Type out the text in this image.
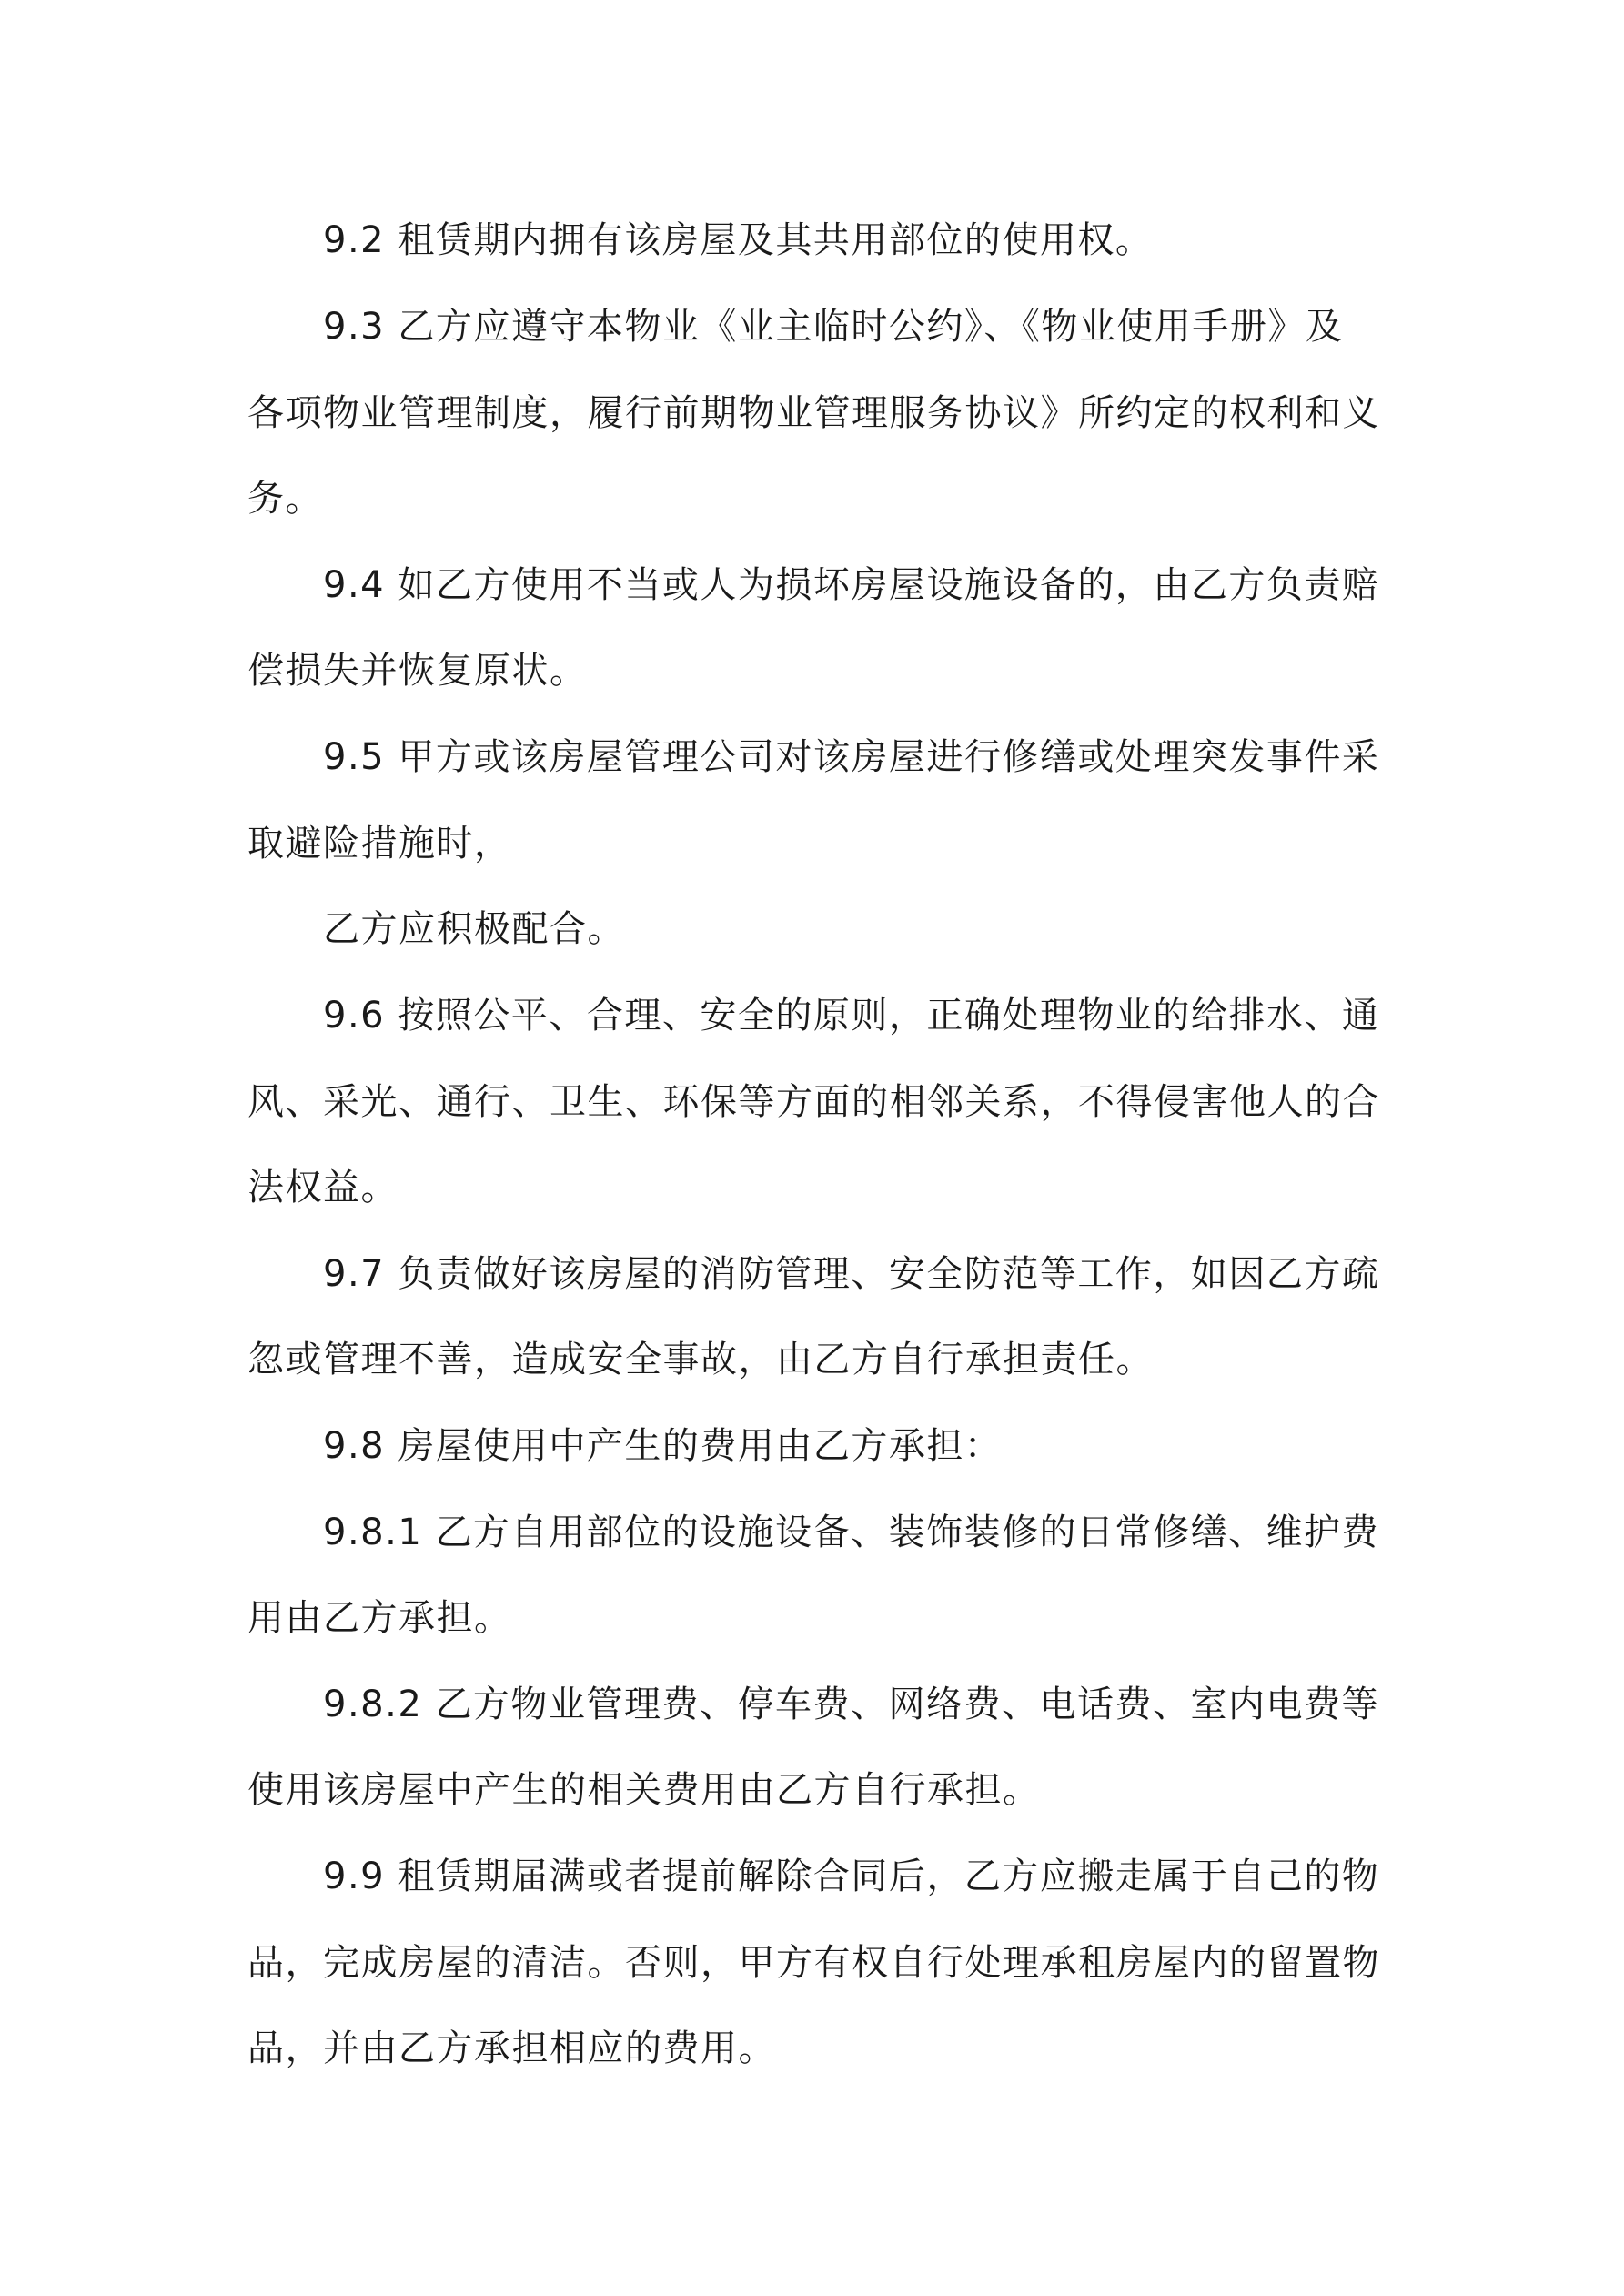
9.2 租赁期内拥有该房屋及其共用部位的使用权。
9.3 乙方应遵守本物业《业主临时公约》、《物业使用手册》及
各项物业管理制度，履行前期物业管理服务协议》所约定的权利和义
务。
9.4 如乙方使用不当或人为损坏房屋设施设备的，由乙方负责赔
偿损失并恢复原状。
9.5 甲方或该房屋管理公司对该房屋进行修缮或处理突发事件采
取避险措施时，
乙方应积极配合。
9.6 按照公平、合理、安全的原则，正确处理物业的给排水、通
风、采光、通行、卫生、环保等方面的相邻关系，不得侵害他人的合
法权益。
9.7 负责做好该房屋的消防管理、安全防范等工作，如因乙方疏
忽或管理不善，造成安全事故，由乙方自行承担责任。
9.8 房屋使用中产生的费用由乙方承担：
9.8.1 乙方自用部位的设施设备、装饰装修的日常修缮、维护费
用由乙方承担。
9.8.2 乙方物业管理费、停车费、网络费、电话费、室内电费等
使用该房屋中产生的相关费用由乙方自行承担。
9.9 租赁期届满或者提前解除合同后，乙方应搬走属于自己的物
品，完成房屋的清洁。否则，甲方有权自行处理承租房屋内的留置物
品，并由乙方承担相应的费用。
